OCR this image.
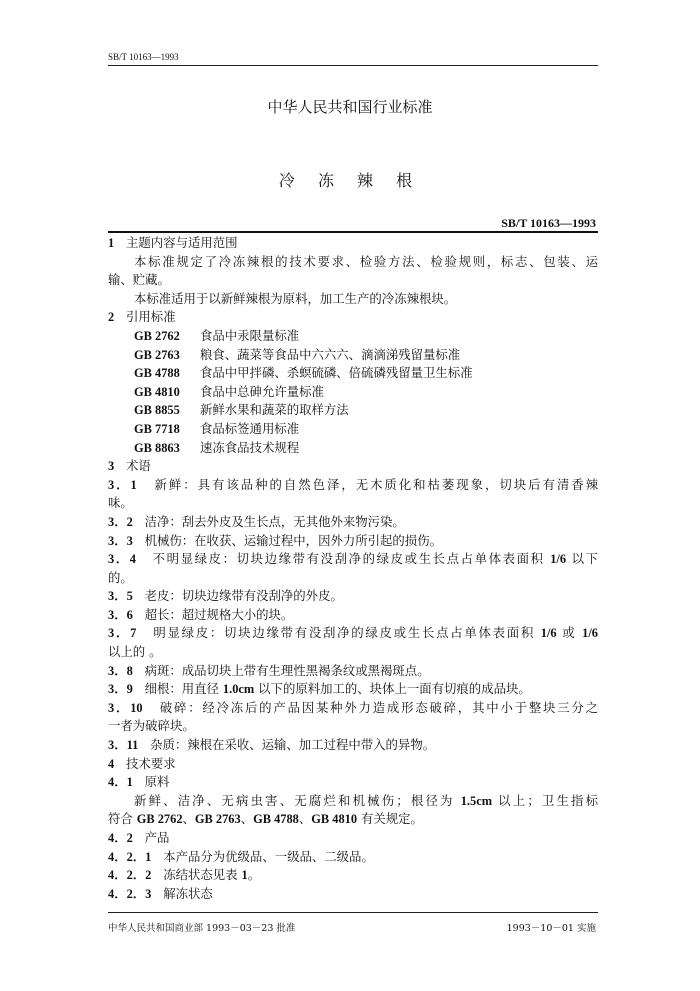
SB/T 10163—1993
中华人民共和国行业标准
冷 冻 辣 根
SB/T 10163—1993
1 主题内容与适用范围
本标准规定了冷冻辣根的技术要求、检验方法、检验规则，标志、包装、运
输、贮藏。
本标准适用于以新鲜辣根为原料，加工生产的冷冻辣根块。
2 引用标准
GB 2762 食品中汞限量标准
GB 2763 粮食、蔬菜等食品中六六六、滴滴涕残留量标准
GB 4788 食品中甲拌磷、杀螟硫磷、倍硫磷残留量卫生标准
GB 4810 食品中总砷允许量标准
GB 8855 新鲜水果和蔬菜的取样方法
GB 7718 食品标签通用标准
GB 8863 速冻食品技术规程
3 术语
3．1 新鲜：具有该品种的自然色泽，无木质化和枯萎现象，切块后有清香辣
味。
3．2 洁净：刮去外皮及生长点，无其他外来物污染。
3．3 机械伤：在收获、运输过程中，因外力所引起的损伤。
3．4 不明显绿皮：切块边缘带有没刮净的绿皮或生长点占单体表面积 1/6 以下
的。
3．5 老皮：切块边缘带有没刮净的外皮。
3．6 超长：超过规格大小的块。
3．7 明显绿皮：切块边缘带有没刮净的绿皮或生长点占单体表面积 1/6 或 1/6
以上的 。
3．8 病斑：成品切块上带有生理性黑褐条纹或黑褐斑点。
3．9 细根：用直径 1.0cm 以下的原料加工的、块体上一面有切痕的成品块。
3．10 破碎：经冷冻后的产品因某种外力造成形态破碎，其中小于整块三分之
一者为破碎块。
3．11 杂质：辣根在采收、运输、加工过程中带入的异物。
4 技术要求
4．1 原料
新鲜、洁净、无病虫害、无腐烂和机械伤；根径为 1.5cm 以上；卫生指标
符合 GB 2762、GB 2763、GB 4788、GB 4810 有关规定。
4．2 产品
4．2．1 本产品分为优级品、一级品、二级品。
4．2．2 冻结状态见表 1。
4．2．3 解冻状态
中华人民共和国商业部 1993－03－23 批准	1993－10－01 实施
